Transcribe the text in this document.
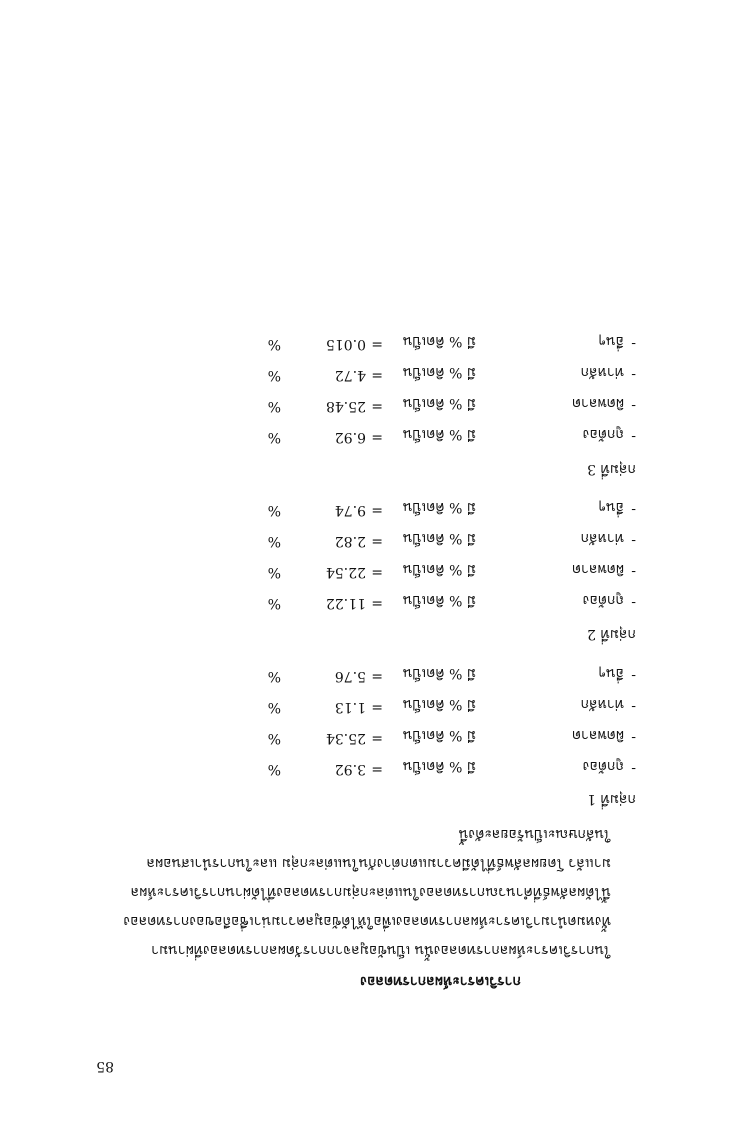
85
การวิเคราะห์ผลการทดลอง
ในการวิเคราะห์ผลการทดลองนั้น เป็นข้อมูลจากการวัดผลการทดลองที่ผ่านมา
ทั้งหมดนำมาวิเคราะห์ผลการทดลองเพื่อให้ได้ข้อมูลความน่าเชื่อถือของการทดลอง
นี้ได้ผลลัพธ์ที่คำนวณการทดลองในแต่ละกลุ่มการทดลองที่ได้ผ่านการวิเคราะห์ผล
มาแล้ว โดยผลลัพธ์ที่ได้มีความแตกต่างกันในแต่ละกลุ่ม และในการนำเสนอผล
ในลักษณะเป็นร้อยละดังนี้
กลุ่มที่ 1
-
ถูกต้อง
มี % คิดเป็น
=
3.92
%
-
ผิดพลาด
มี % คิดเป็น
=
25.34
%
-
ท่าหลัก
มี % คิดเป็น
=
1.13
%
-
อื่นๆ
มี % คิดเป็น
=
5.76
%
กลุ่มที่ 2
-
ถูกต้อง
มี % คิดเป็น
=
11.22
%
-
ผิดพลาด
มี % คิดเป็น
=
22.54
%
-
ท่าหลัก
มี % คิดเป็น
=
2.82
%
-
อื่นๆ
มี % คิดเป็น
=
9.74
%
กลุ่มที่ 3
-
ถูกต้อง
มี % คิดเป็น
=
6.92
%
-
ผิดพลาด
มี % คิดเป็น
=
25.48
%
-
ท่าหลัก
มี % คิดเป็น
=
4.72
%
-
อื่นๆ
มี % คิดเป็น
=
0.015
%
